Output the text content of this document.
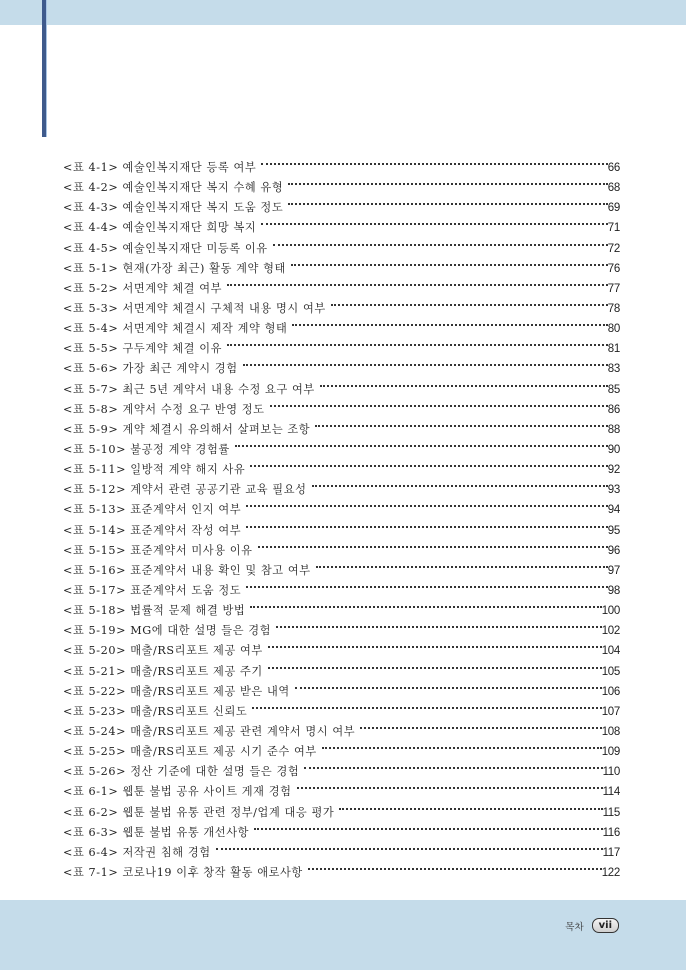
<표 4-1> 예술인복지재단 등록 여부	66
<표 4-2> 예술인복지재단 복지 수혜 유형	68
<표 4-3> 예술인복지재단 복지 도움 정도	69
<표 4-4> 예술인복지재단 희망 복지	71
<표 4-5> 예술인복지재단 미등록 이유	72
<표 5-1> 현재(가장 최근) 활동 계약 형태	76
<표 5-2> 서면계약 체결 여부	77
<표 5-3> 서면계약 체결시 구체적 내용 명시 여부	78
<표 5-4> 서면계약 체결시 제작 계약 형태	80
<표 5-5> 구두계약 체결 이유	81
<표 5-6> 가장 최근 계약시 경험	83
<표 5-7> 최근 5년 계약서 내용 수정 요구 여부	85
<표 5-8> 계약서 수정 요구 반영 정도	86
<표 5-9> 계약 체결시 유의해서 살펴보는 조항	88
<표 5-10> 불공정 계약 경험률	90
<표 5-11> 일방적 계약 해지 사유	92
<표 5-12> 계약서 관련 공공기관 교육 필요성	93
<표 5-13> 표준계약서 인지 여부	94
<표 5-14> 표준계약서 작성 여부	95
<표 5-15> 표준계약서 미사용 이유	96
<표 5-16> 표준계약서 내용 확인 및 참고 여부	97
<표 5-17> 표준계약서 도움 정도	98
<표 5-18> 법률적 문제 해결 방법	100
<표 5-19> MG에 대한 설명 들은 경험	102
<표 5-20> 매출/RS리포트 제공 여부	104
<표 5-21> 매출/RS리포트 제공 주기	105
<표 5-22> 매출/RS리포트 제공 받은 내역	106
<표 5-23> 매출/RS리포트 신뢰도	107
<표 5-24> 매출/RS리포트 제공 관련 계약서 명시 여부	108
<표 5-25> 매출/RS리포트 제공 시기 준수 여부	109
<표 5-26> 정산 기준에 대한 설명 들은 경험	110
<표 6-1> 웹툰 불법 공유 사이트 게재 경험	114
<표 6-2> 웹툰 불법 유통 관련 정부/업계 대응 평가	115
<표 6-3> 웹툰 불법 유통 개선사항	116
<표 6-4> 저작권 침해 경험	117
<표 7-1> 코로나19 이후 창작 활동 애로사항	122
목차	vii
